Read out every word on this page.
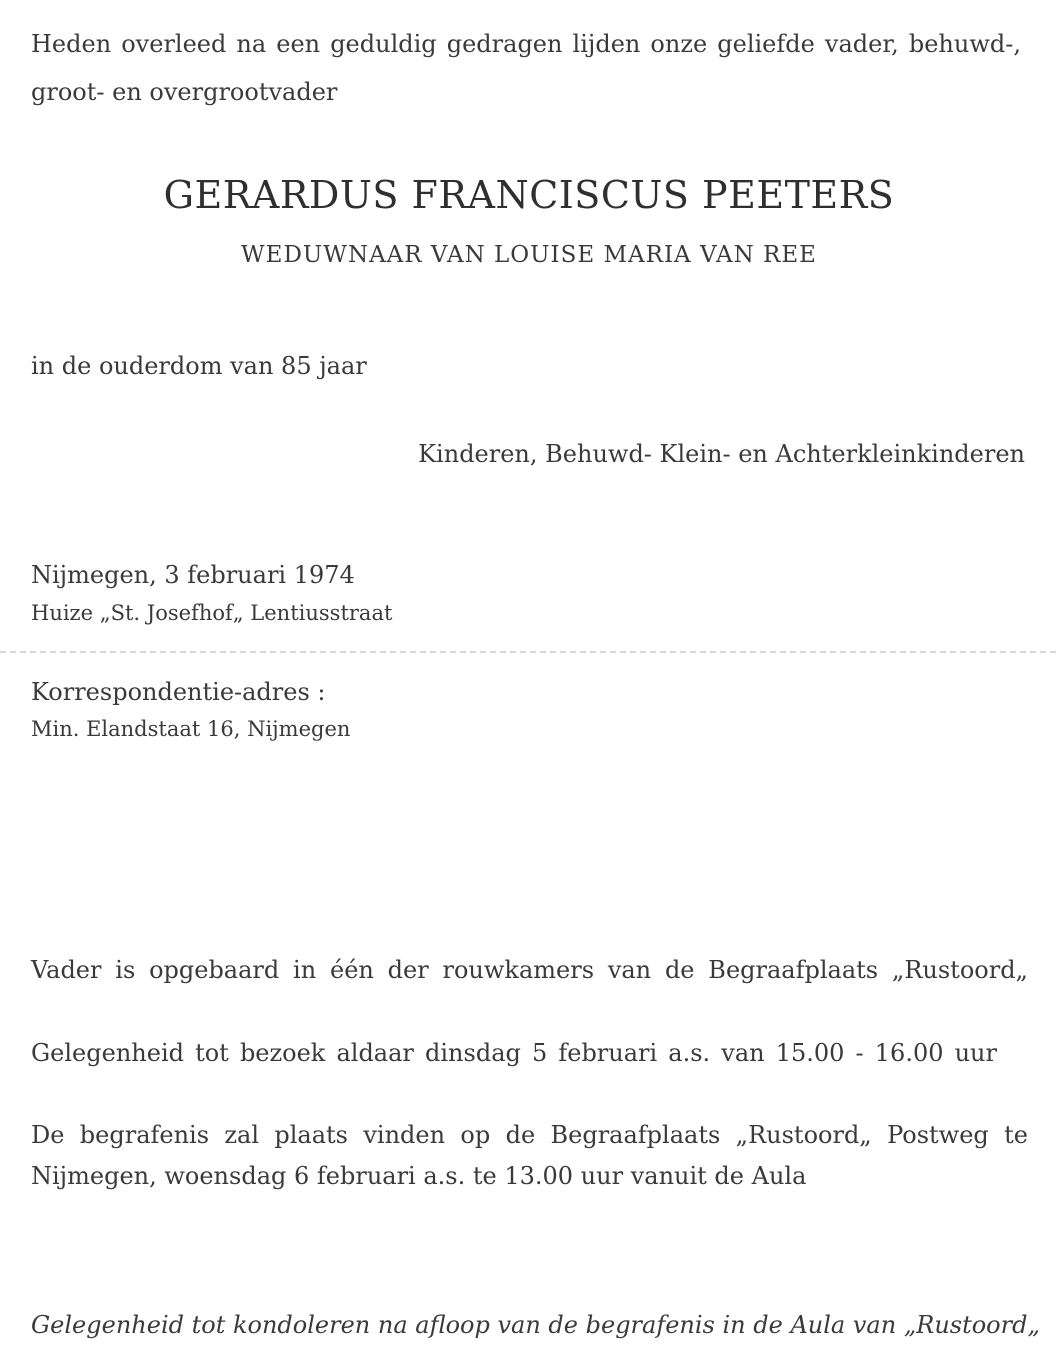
Heden overleed na een geduldig gedragen lijden onze geliefde vader, behuwd-,

groot- en overgrootvader

GERARDUS FRANCISCUS PEETERS

WEDUWNAAR VAN LOUISE MARIA VAN REE

in de ouderdom van 85 jaar

Kinderen, Behuwd- Klein- en Achterkleinkinderen

Nijmegen, 3 februari 1974

Huize „St. Josefhof„ Lentiusstraat

Korrespondentie-adres :

Min. Elandstaat 16, Nijmegen

Vader is opgebaard in één der rouwkamers van de Begraafplaats „Rustoord„

Gelegenheid tot bezoek aldaar dinsdag 5 februari a.s. van 15.00 - 16.00 uur

De begrafenis zal plaats vinden op de Begraafplaats „Rustoord„ Postweg te

Nijmegen, woensdag 6 februari a.s. te 13.00 uur vanuit de Aula

Gelegenheid tot kondoleren na afloop van de begrafenis in de Aula van „Rustoord„
